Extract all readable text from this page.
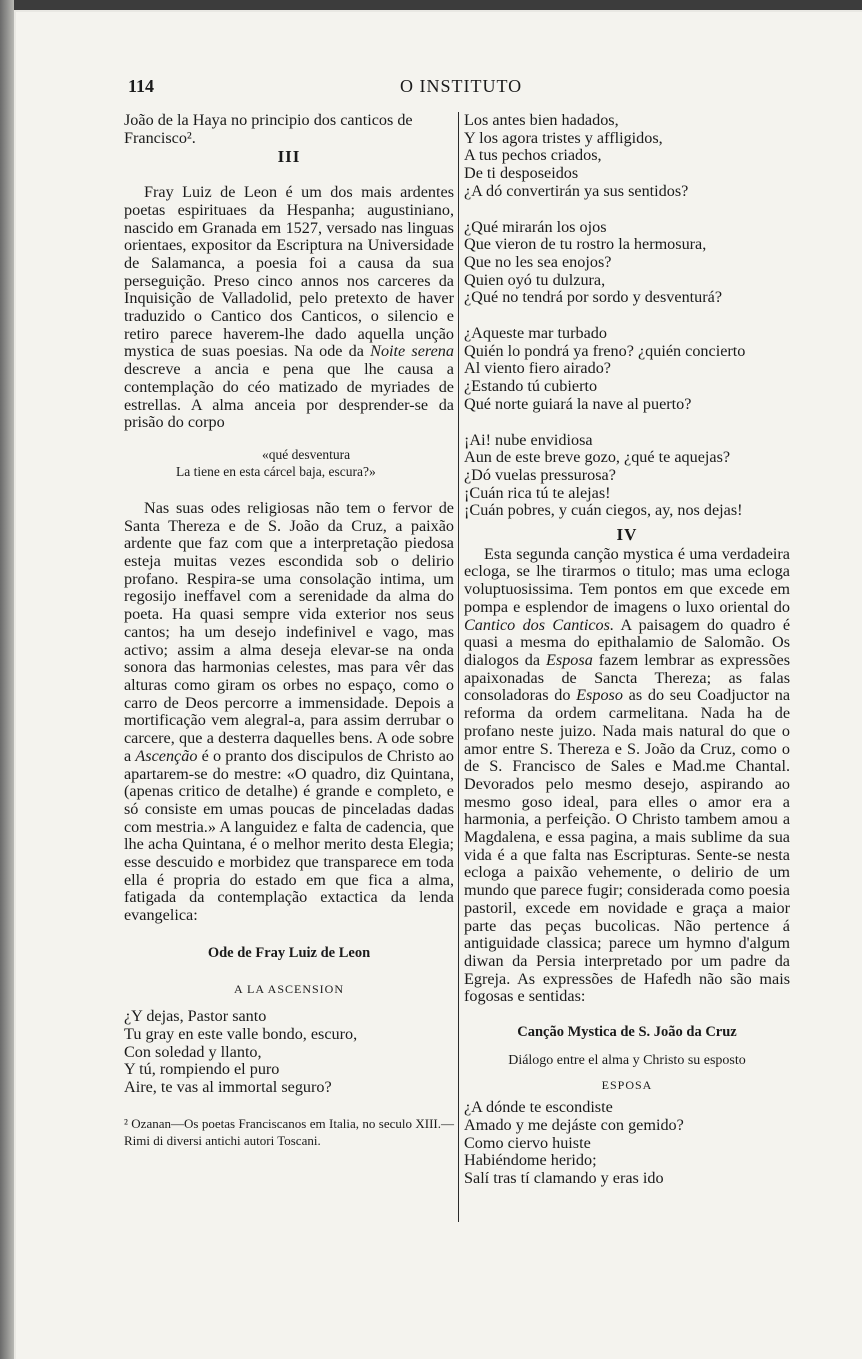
114	O INSTITUTO

João de la Haya no principio dos canticos de

Francisco².

III

Fray Luiz de Leon é um dos mais ardentes poetas espirituaes da Hespanha; augustiniano, nascido em Granada em 1527, versado nas linguas orientaes, expositor da Escriptura na Universidade de Salamanca, a poesia foi a causa da sua perseguição. Preso cinco annos nos carceres da Inquisição de Valladolid, pelo pretexto de haver traduzido o Cantico dos Canticos, o silencio e retiro parece haverem-lhe dado aquella unção mystica de suas poesias. Na ode da Noite serena descreve a ancia e pena que lhe causa a contemplação do céo matizado de myriades de estrellas. A alma anceia por desprender-se da prisão do corpo

«qué desventura
La tiene en esta cárcel baja, escura?»

Nas suas odes religiosas não tem o fervor de Santa Thereza e de S. João da Cruz, a paixão ardente que faz com que a interpretação piedosa esteja muitas vezes escondida sob o delirio profano. Respira-se uma consolação intima, um regosijo ineffavel com a serenidade da alma do poeta. Ha quasi sempre vida exterior nos seus cantos; ha um desejo indefinivel e vago, mas activo; assim a alma deseja elevar-se na onda sonora das harmonias celestes, mas para vêr das alturas como giram os orbes no espaço, como o carro de Deos percorre a immensidade. Depois a mortificação vem alegral-a, para assim derrubar o carcere, que a desterra daquelles bens. A ode sobre a Ascenção é o pranto dos discipulos de Christo ao apartarem-se do mestre: «O quadro, diz Quintana, (apenas critico de detalhe) é grande e completo, e só consiste em umas poucas de pinceladas dadas com mestria.» A languidez e falta de cadencia, que lhe acha Quintana, é o melhor merito desta Elegia; esse descuido e morbidez que transparece em toda ella é propria do estado em que fica a alma, fatigada da contemplação extactica da lenda evangelica:

Ode de Fray Luiz de Leon
A LA ASCENSION
¿Y dejas, Pastor santo
Tu gray en este valle bondo, escuro,
Con soledad y llanto,
Y tú, rompiendo el puro
Aire, te vas al immortal seguro?
² Ozanan—Os poetas Franciscanos em Italia, no seculo XIII.—Rimi di diversi antichi autori Toscani.
Los antes bien hadados,
Y los agora tristes y affligidos,
A tus pechos criados,
De ti desposeidos
¿A dó convertirán ya sus sentidos?
¿Qué mirarán los ojos
Que vieron de tu rostro la hermosura,
Que no les sea enojos?
Quien oyó tu dulzura,
¿Qué no tendrá por sordo y desventurá?
¿Aqueste mar turbado
Quién lo pondrá ya freno? ¿quién concierto
Al viento fiero airado?
¿Estando tú cubierto
Qué norte guiará la nave al puerto?
¡Ai! nube envidiosa
Aun de este breve gozo, ¿qué te aquejas?
¿Dó vuelas pressurosa?
¡Cuán rica tú te alejas!
¡Cuán pobres, y cuán ciegos, ay, nos dejas!
IV

Esta segunda canção mystica é uma verdadeira ecloga, se lhe tirarmos o titulo; mas uma ecloga voluptuosissima. Tem pontos em que excede em pompa e esplendor de imagens o luxo oriental do Cantico dos Canticos. A paisagem do quadro é quasi a mesma do epithalamio de Salomão. Os dialogos da Esposa fazem lembrar as expressões apaixonadas de Sancta Thereza; as falas consoladoras do Esposo as do seu Coadjuctor na reforma da ordem carmelitana. Nada ha de profano neste juizo. Nada mais natural do que o amor entre S. Thereza e S. João da Cruz, como o de S. Francisco de Sales e Mad.me Chantal. Devorados pelo mesmo desejo, aspirando ao mesmo goso ideal, para elles o amor era a harmonia, a perfeição. O Christo tambem amou a Magdalena, e essa pagina, a mais sublime da sua vida é a que falta nas Escripturas. Sente-se nesta ecloga a paixão vehemente, o delirio de um mundo que parece fugir; considerada como poesia pastoril, excede em novidade e graça a maior parte das peças bucolicas. Não pertence á antiguidade classica; parece um hymno d'algum diwan da Persia interpretado por um padre da Egreja. As expressões de Hafedh não são mais fogosas e sentidas:

Canção Mystica de S. João da Cruz
Diálogo entre el alma y Christo su esposto
ESPOSA
¿A dónde te escondiste
Amado y me dejáste con gemido?
Como ciervo huiste
Habiéndome herido;
Salí tras tí clamando y eras ido
